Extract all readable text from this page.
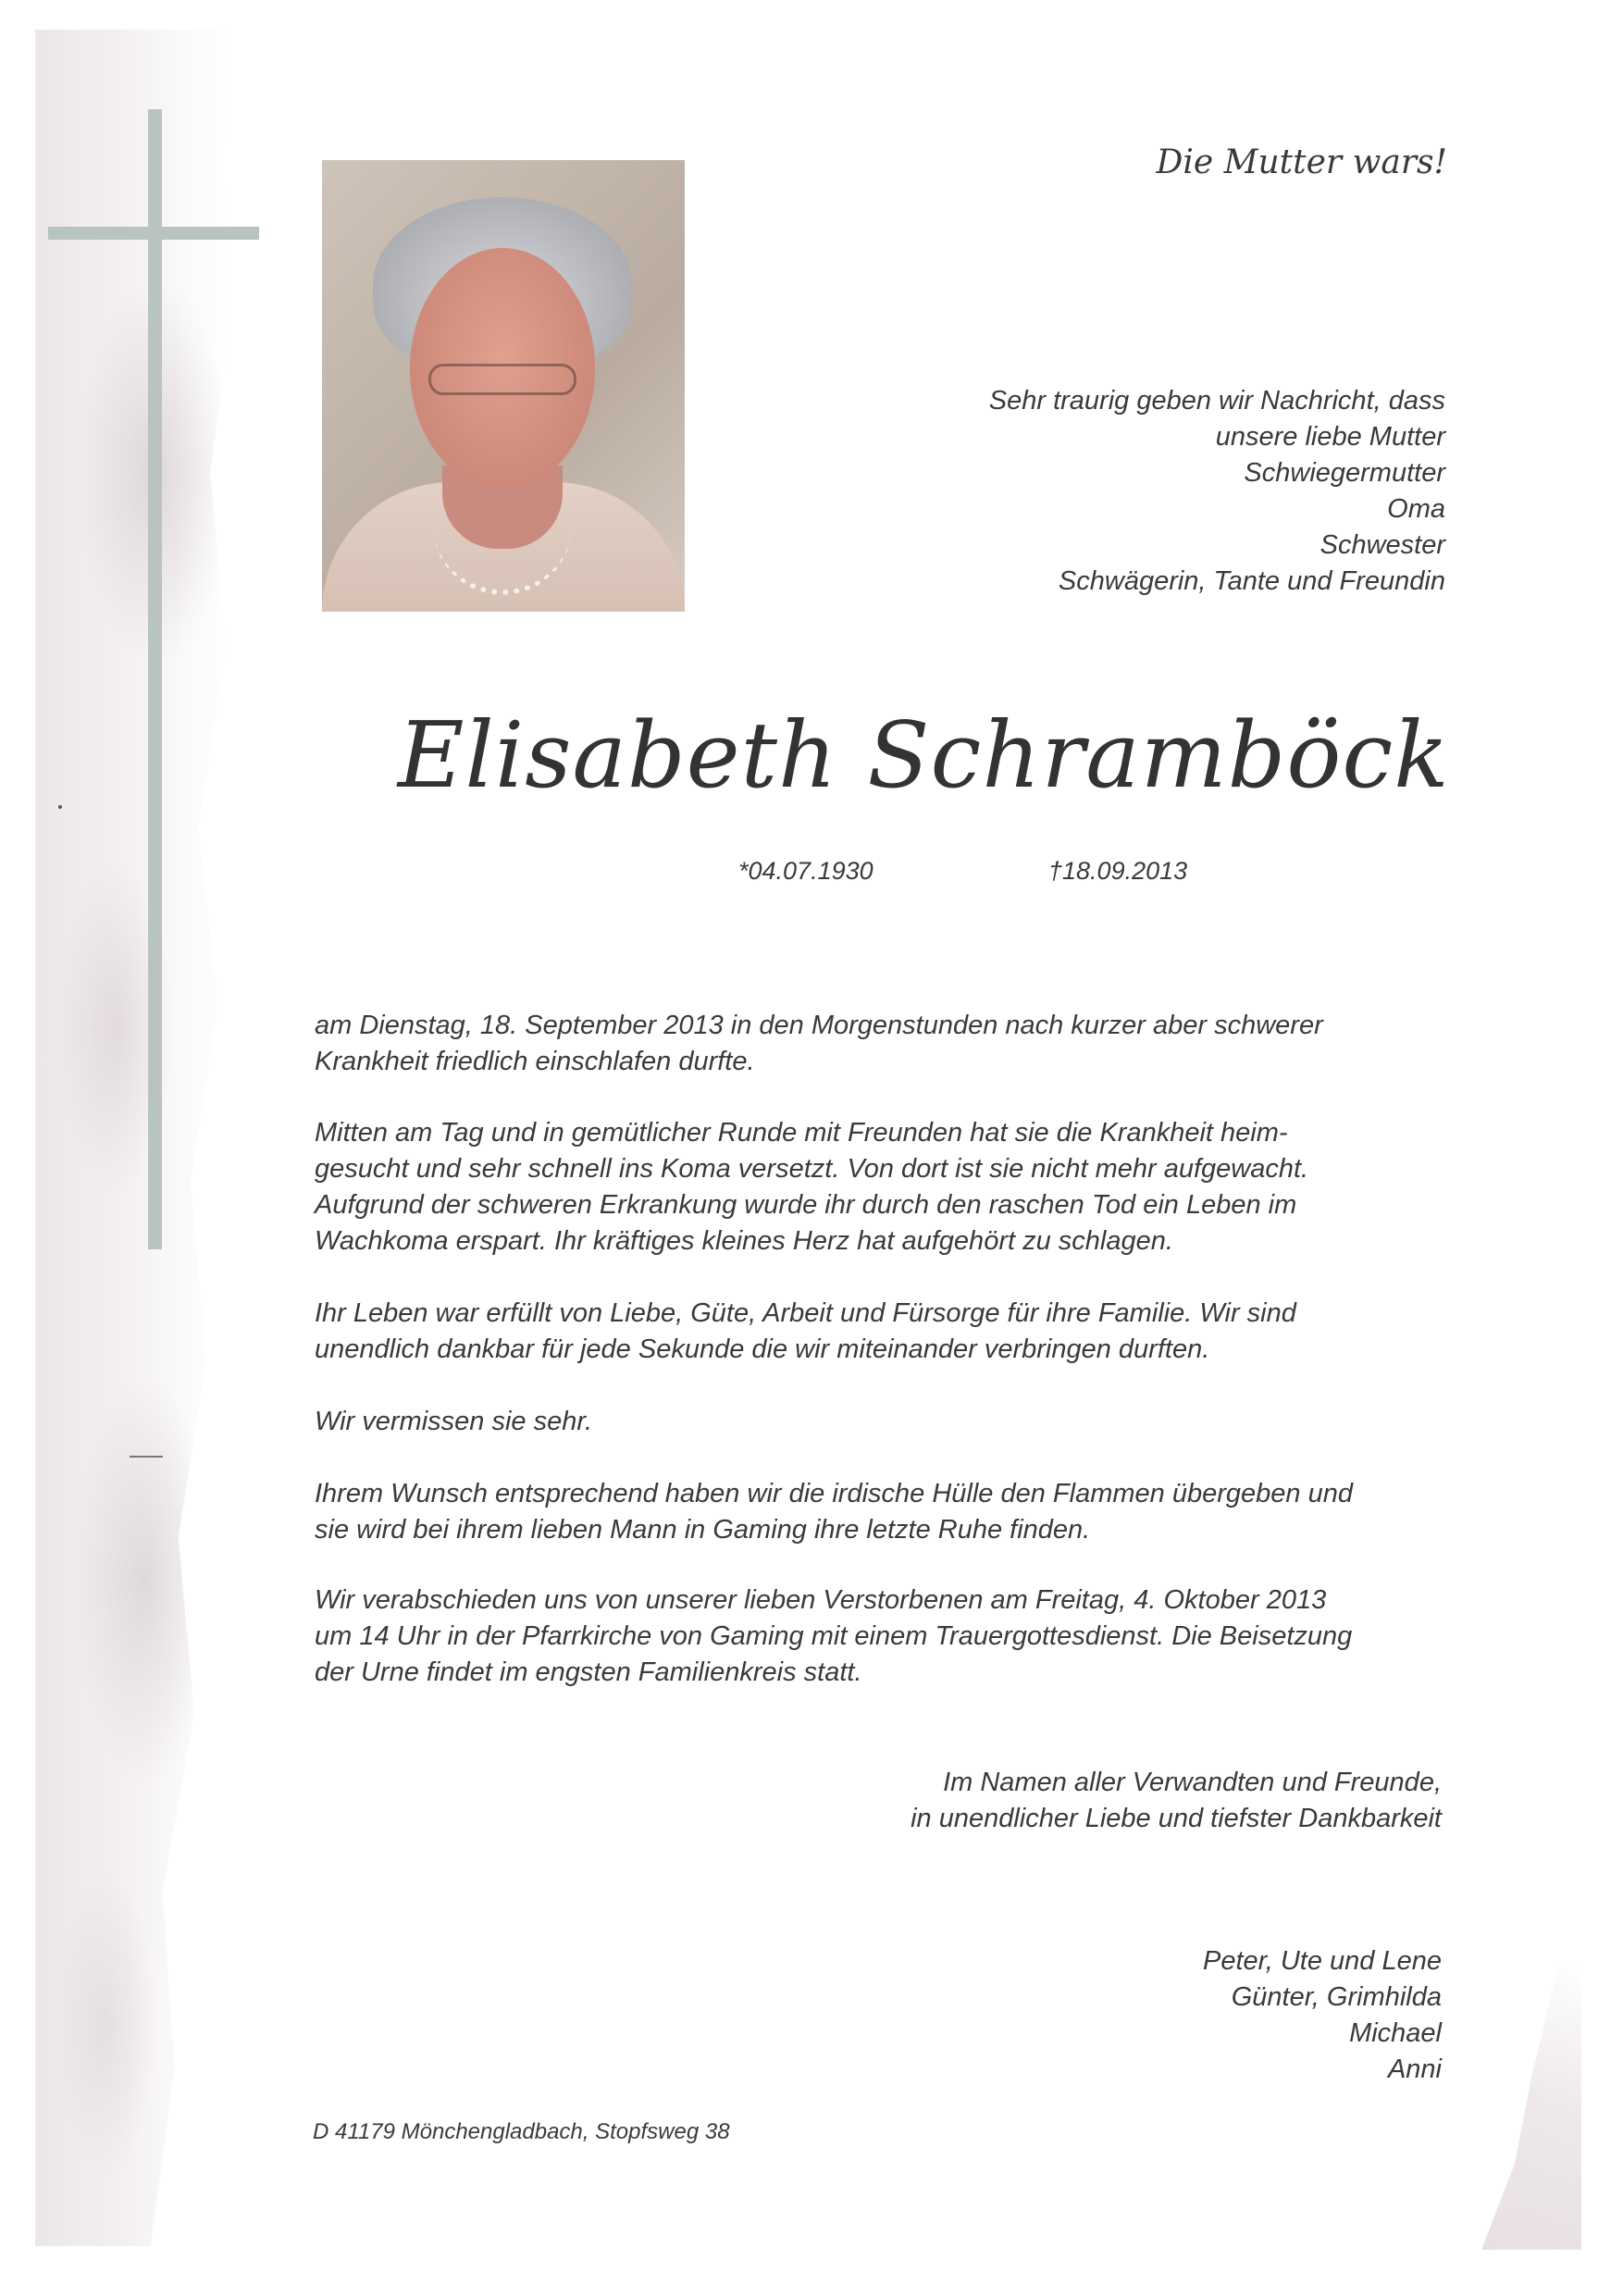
Die Mutter wars!
Sehr traurig geben wir Nachricht, dass
unsere liebe Mutter
Schwiegermutter
Oma
Schwester
Schwägerin, Tante und Freundin
Elisabeth Schramböck
*04.07.1930	†18.09.2013
am Dienstag, 18. September 2013 in den Morgenstunden nach kurzer aber schwerer
Krankheit friedlich einschlafen durfte.
Mitten am Tag und in gemütlicher Runde mit Freunden hat sie die Krankheit heim-
gesucht und sehr schnell ins Koma versetzt. Von dort ist sie nicht mehr aufgewacht.
Aufgrund der schweren Erkrankung wurde ihr durch den raschen Tod ein Leben im
Wachkoma erspart. Ihr kräftiges kleines Herz hat aufgehört zu schlagen.
Ihr Leben war erfüllt von Liebe, Güte, Arbeit und Fürsorge für ihre Familie. Wir sind
unendlich dankbar für jede Sekunde die wir miteinander verbringen durften.
Wir vermissen sie sehr.
Ihrem Wunsch entsprechend haben wir die irdische Hülle den Flammen übergeben und
sie wird bei ihrem lieben Mann in Gaming ihre letzte Ruhe finden.
Wir verabschieden uns von unserer lieben Verstorbenen am Freitag, 4. Oktober 2013
um 14 Uhr in der Pfarrkirche von Gaming mit einem Trauergottesdienst. Die Beisetzung
der Urne findet im engsten Familienkreis statt.
Im Namen aller Verwandten und Freunde,
in unendlicher Liebe und tiefster Dankbarkeit
Peter, Ute und Lene
Günter, Grimhilda
Michael
Anni
D 41179 Mönchengladbach, Stopfsweg 38
